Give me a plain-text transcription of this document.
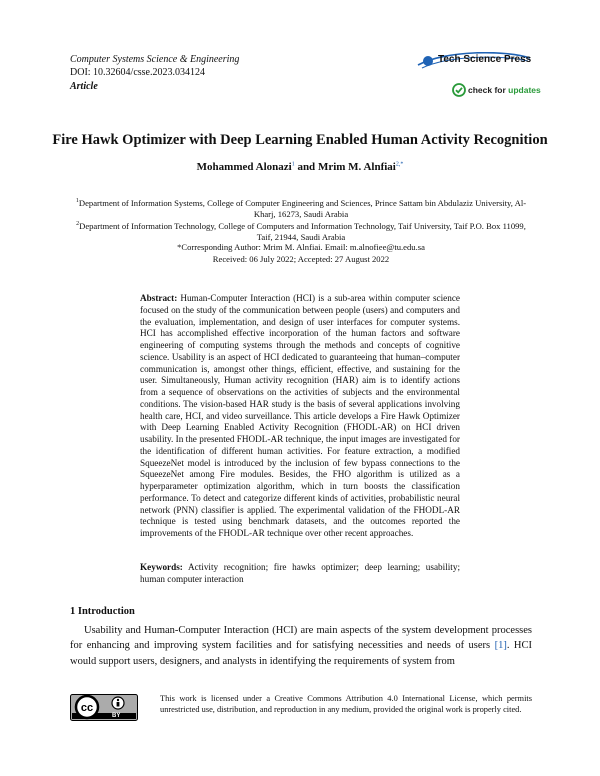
Computer Systems Science & Engineering
DOI: 10.32604/csse.2023.034124
Article
Tech Science Press
check for updates
Fire Hawk Optimizer with Deep Learning Enabled Human Activity Recognition
Mohammed Alonazi$^1$ and Mrim M. Alnfiai$^{2,*}$
$^1$Department of Information Systems, College of Computer Engineering and Sciences, Prince Sattam bin Abdulaziz University, Al-Kharj, 16273, Saudi Arabia
$^2$Department of Information Technology, College of Computers and Information Technology, Taif University, Taif P.O. Box 11099, Taif, 21944, Saudi Arabia
*Corresponding Author: Mrim M. Alnfiai. Email: m.alnofiee@tu.edu.sa
Received: 06 July 2022; Accepted: 27 August 2022
Abstract: Human-Computer Interaction (HCI) is a sub-area within computer science focused on the study of the communication between people (users) and computers and the evaluation, implementation, and design of user interfaces for computer systems. HCI has accomplished effective incorporation of the human factors and software engineering of computing systems through the methods and concepts of cognitive science. Usability is an aspect of HCI dedicated to guaranteeing that human–computer communication is, amongst other things, efficient, effective, and sustaining for the user. Simultaneously, Human activity recognition (HAR) aim is to identify actions from a sequence of observations on the activities of subjects and the environmental conditions. The vision-based HAR study is the basis of several applications involving health care, HCI, and video surveillance. This article develops a Fire Hawk Optimizer with Deep Learning Enabled Activity Recognition (FHODL-AR) on HCI driven usability. In the presented FHODL-AR technique, the input images are investigated for the identification of different human activities. For feature extraction, a modified SqueezeNet model is introduced by the inclusion of few bypass connections to the SqueezeNet among Fire modules. Besides, the FHO algorithm is utilized as a hyperparameter optimization algorithm, which in turn boosts the classification performance. To detect and categorize different kinds of activities, probabilistic neural network (PNN) classifier is applied. The experimental validation of the FHODL-AR technique is tested using benchmark datasets, and the outcomes reported the improvements of the FHODL-AR technique over other recent approaches.
Keywords: Activity recognition; fire hawks optimizer; deep learning; usability; human computer interaction
1 Introduction
Usability and Human-Computer Interaction (HCI) are main aspects of the system development processes for enhancing and improving system facilities and for satisfying necessities and needs of users [1]. HCI would support users, designers, and analysts in identifying the requirements of system from
cc
BY
This work is licensed under a Creative Commons Attribution 4.0 International License, which permits unrestricted use, distribution, and reproduction in any medium, provided the original work is properly cited.
